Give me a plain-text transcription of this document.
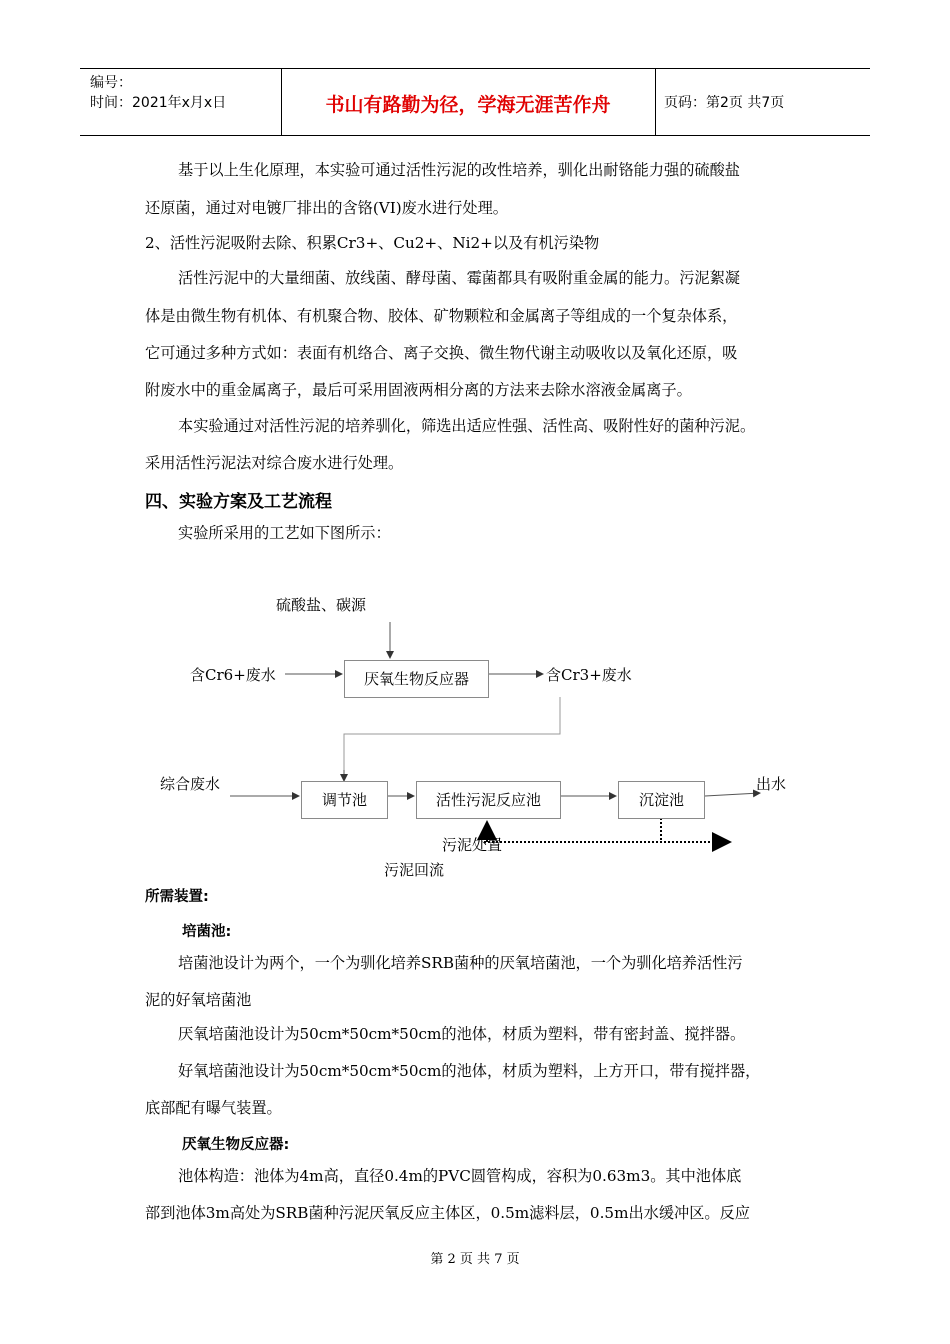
编号：
时间：2021年x月x日	书山有路勤为径，学海无涯苦作舟	页码：第2页 共7页
基于以上生化原理，本实验可通过活性污泥的改性培养，驯化出耐铬能力强的硫酸盐
还原菌，通过对电镀厂排出的含铬(VI)废水进行处理。
2、活性污泥吸附去除、积累Cr3+、Cu2+、Ni2+以及有机污染物
活性污泥中的大量细菌、放线菌、酵母菌、霉菌都具有吸附重金属的能力。污泥絮凝
体是由微生物有机体、有机聚合物、胶体、矿物颗粒和金属离子等组成的一个复杂体系，
它可通过多种方式如：表面有机络合、离子交换、微生物代谢主动吸收以及氧化还原，吸
附废水中的重金属离子，最后可采用固液两相分离的方法来去除水溶液金属离子。
本实验通过对活性污泥的培养驯化，筛选出适应性强、活性高、吸附性好的菌种污泥。
采用活性污泥法对综合废水进行处理。
四、实验方案及工艺流程
实验所采用的工艺如下图所示：
硫酸盐、碳源
含Cr6+废水	厌氧生物反应器	含Cr3+废水
综合废水
调节池	活性污泥反应池	沉淀池
出水
污泥处置
污泥回流
所需装置:
培菌池:
培菌池设计为两个，一个为驯化培养SRB菌种的厌氧培菌池，一个为驯化培养活性污
泥的好氧培菌池
厌氧培菌池设计为50cm*50cm*50cm的池体，材质为塑料，带有密封盖、搅拌器。
好氧培菌池设计为50cm*50cm*50cm的池体，材质为塑料，上方开口，带有搅拌器，
底部配有曝气装置。
厌氧生物反应器:
池体构造：池体为4m高，直径0.4m的PVC圆管构成，容积为0.63m3。其中池体底
部到池体3m高处为SRB菌种污泥厌氧反应主体区，0.5m滤料层，0.5m出水缓冲区。反应
第 2 页 共 7 页
